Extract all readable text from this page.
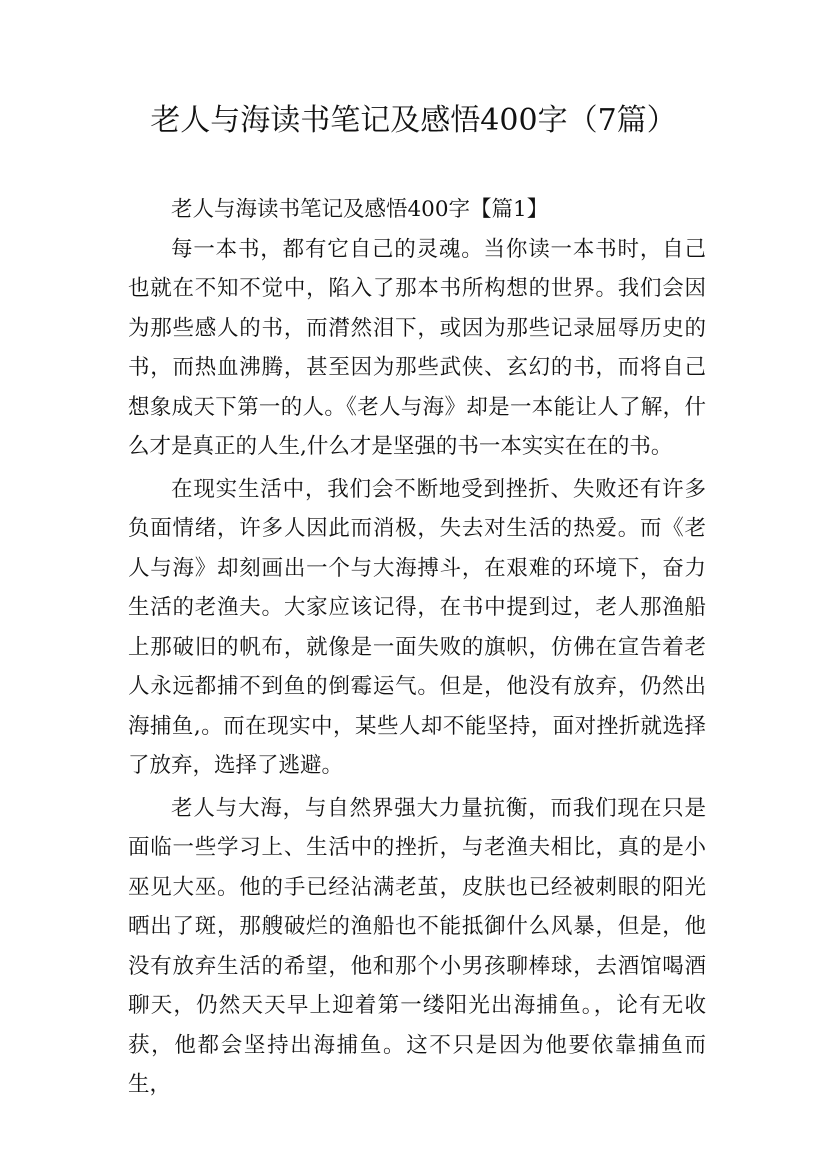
老人与海读书笔记及感悟400字（7篇）

老人与海读书笔记及感悟400字【篇1】

每一本书，都有它自己的灵魂。当你读一本书时，自己也就在不知不觉中，陷入了那本书所构想的世界。我们会因为那些感人的书，而潸然泪下，或因为那些记录屈辱历史的书，而热血沸腾，甚至因为那些武侠、玄幻的书，而将自己想象成天下第一的人。《老人与海》却是一本能让人了解，什么才是真正的人生,什么才是坚强的书一本实实在在的书。

在现实生活中，我们会不断地受到挫折、失败还有许多负面情绪，许多人因此而消极，失去对生活的热爱。而《老人与海》却刻画出一个与大海搏斗，在艰难的环境下，奋力生活的老渔夫。大家应该记得，在书中提到过，老人那渔船上那破旧的帆布，就像是一面失败的旗帜，仿佛在宣告着老人永远都捕不到鱼的倒霉运气。但是，他没有放弃，仍然出海捕鱼,。而在现实中，某些人却不能坚持，面对挫折就选择了放弃，选择了逃避。

老人与大海，与自然界强大力量抗衡，而我们现在只是面临一些学习上、生活中的挫折，与老渔夫相比，真的是小巫见大巫。他的手已经沾满老茧，皮肤也已经被刺眼的阳光晒出了斑，那艘破烂的渔船也不能抵御什么风暴，但是，他没有放弃生活的希望，他和那个小男孩聊棒球，去酒馆喝酒聊天，仍然天天早上迎着第一缕阳光出海捕鱼。，论有无收获，他都会坚持出海捕鱼。这不只是因为他要依靠捕鱼而生，
